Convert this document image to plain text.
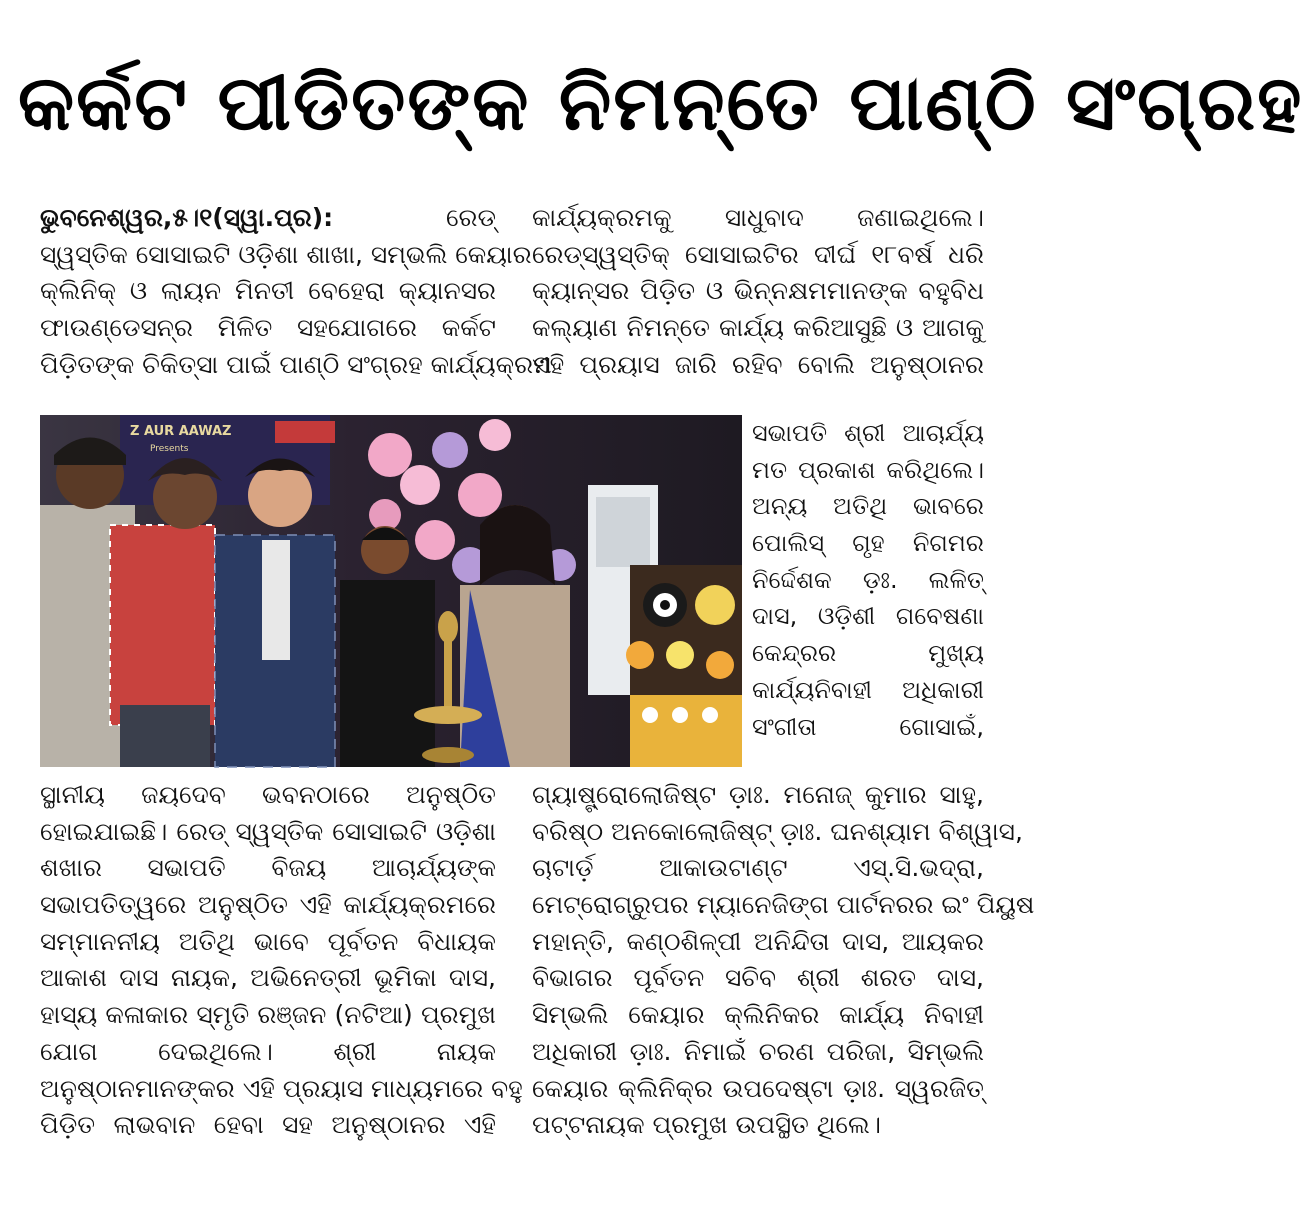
କର୍କଟ ପୀଡିତଙ୍କ ନିମନ୍ତେ ପାଣ୍ଠି ସଂଗ୍ରହ
ଭୁବନେଶ୍ୱର,୫।୧(ସ୍ୱା.ପ୍ର):	ରେଡ୍
ସ୍ୱସ୍ତିକ ସୋସାଇଟି ଓଡ଼ିଶା ଶାଖା, ସମ୍ଭଲି କେୟାର
କ୍ଲିନିକ୍ ଓ ଲାୟନ ମିନତୀ ବେହେରା କ୍ୟାନସର
ଫାଉଣ୍ଡେସନ୍‌ର ମିଳିତ ସହଯୋଗରେ କର୍କଟ
ପିଡ଼ିତଙ୍କ ଚିକିତ୍ସା ପାଇଁ ପାଣ୍ଠି ସଂଗ୍ରହ କାର୍ଯ୍ୟକ୍ରମ
କାର୍ଯ୍ୟକ୍ରମକୁ ସାଧୁବାଦ ଜଣାଇଥିଲେ।
ରେଡ୍‌ସ୍ୱସ୍ତିକ୍ ସୋସାଇଟିର ଦୀର୍ଘ ୧୮ବର୍ଷ ଧରି
କ୍ୟାନ୍‌ସର ପିଡ଼ିତ ଓ ଭିନ୍ନକ୍ଷମମାନଙ୍କ ବହୁବିଧ
କଲ୍ୟାଣ ନିମନ୍ତେ କାର୍ଯ୍ୟ କରିଆସୁଛି ଓ ଆଗକୁ
ଏହି ପ୍ରୟାସ ଜାରି ରହିବ ବୋଲି ଅନୁଷ୍ଠାନର
Z AUR AAWAZ
Presents
ସଭାପତି ଶ୍ରୀ ଆଚାର୍ଯ୍ୟ
ମତ ପ୍ରକାଶ କରିଥିଲେ।
ଅନ୍ୟ ଅତିଥି ଭାବରେ
ପୋଲିସ୍ ଗୃହ ନିଗମର
ନିର୍ଦ୍ଦେଶକ ଡ଼ଃ. ଲଳିତ୍
ଦାସ, ଓଡ଼ିଶୀ ଗବେଷଣା
କେନ୍ଦ୍ରର ମୁଖ୍ୟ
କାର୍ଯ୍ୟନିବାହୀ ଅଧିକାରୀ
ସଂଗୀତା ଗୋସାଇଁ,
ସ୍ଥାନୀୟ ଜୟଦେବ ଭବନଠାରେ ଅନୁଷ୍ଠିତ
ହୋଇଯାଇଛି। ରେଡ୍ ସ୍ୱସ୍ତିକ ସୋସାଇଟି ଓଡ଼ିଶା
ଶଖାର ସଭାପତି ବିଜୟ ଆଚାର୍ଯ୍ୟଙ୍କ
ସଭାପତିତ୍ୱରେ ଅନୁଷ୍ଠିତ ଏହି କାର୍ଯ୍ୟକ୍ରମରେ
ସମ୍ମାନନୀୟ ଅତିଥି ଭାବେ ପୂର୍ବତନ ବିଧାୟକ
ଆକାଶ ଦାସ ନାୟକ, ଅଭିନେତ୍ରୀ ଭୂମିକା ଦାସ,
ହାସ୍ୟ କଳାକାର ସ୍ମୃତି ରଞ୍ଜନ (ନଟିଆ) ପ୍ରମୁଖ
ଯୋଗ ଦେଇଥିଲେ। ଶ୍ରୀ ନାୟକ
ଅନୁଷ୍ଠାନମାନଙ୍କର ଏହି ପ୍ରୟାସ ମାଧ୍ୟମରେ ବହୁ
ପିଡ଼ିତ ଲାଭବାନ ହେବା ସହ ଅନୁଷ୍ଠାନର ଏହି
ଗ୍ୟାଷ୍ଟ୍ରୋଲୋଜିଷ୍ଟ ଡ଼ାଃ. ମନୋଜ୍ କୁମାର ସାହୁ,
ବରିଷ୍ଠ ଅନକୋଲୋଜିଷ୍ଟ୍ ଡ଼ାଃ. ଘନଶ୍ୟାମ ବିଶ୍ୱାସ,
ଚାଟାର୍ଡ଼ ଆକାଉଟାଣ୍ଟ ଏସ୍.ସି.ଭଦ୍ରା,
ମେଟ୍ରୋଗ୍ରୁପର ମ୍ୟାନେଜିଙ୍ଗ ପାର୍ଟନରର ଇଂ ପିୟୁଷ
ମହାନ୍ତି, କଣ୍ଠଶିଳ୍ପୀ ଅନିନ୍ଦିତା ଦାସ, ଆୟକର
ବିଭାଗର ପୂର୍ବତନ ସଚିବ ଶ୍ରୀ ଶରତ ଦାସ,
ସିମ୍ଭଲି କେୟାର କ୍ଲିନିକର କାର୍ଯ୍ୟ ନିବାହୀ
ଅଧିକାରୀ ଡ଼ାଃ. ନିମାଇଁ ଚରଣ ପରିଜା, ସିମ୍ଭଲି
କେୟାର କ୍ଲିନିକ୍‌ର ଉପଦେଷ୍ଟା ଡ଼ାଃ. ସ୍ୱରଜିତ୍
ପଟ୍ଟନାୟକ ପ୍ରମୁଖ ଉପସ୍ଥିତ ଥିଲେ।
